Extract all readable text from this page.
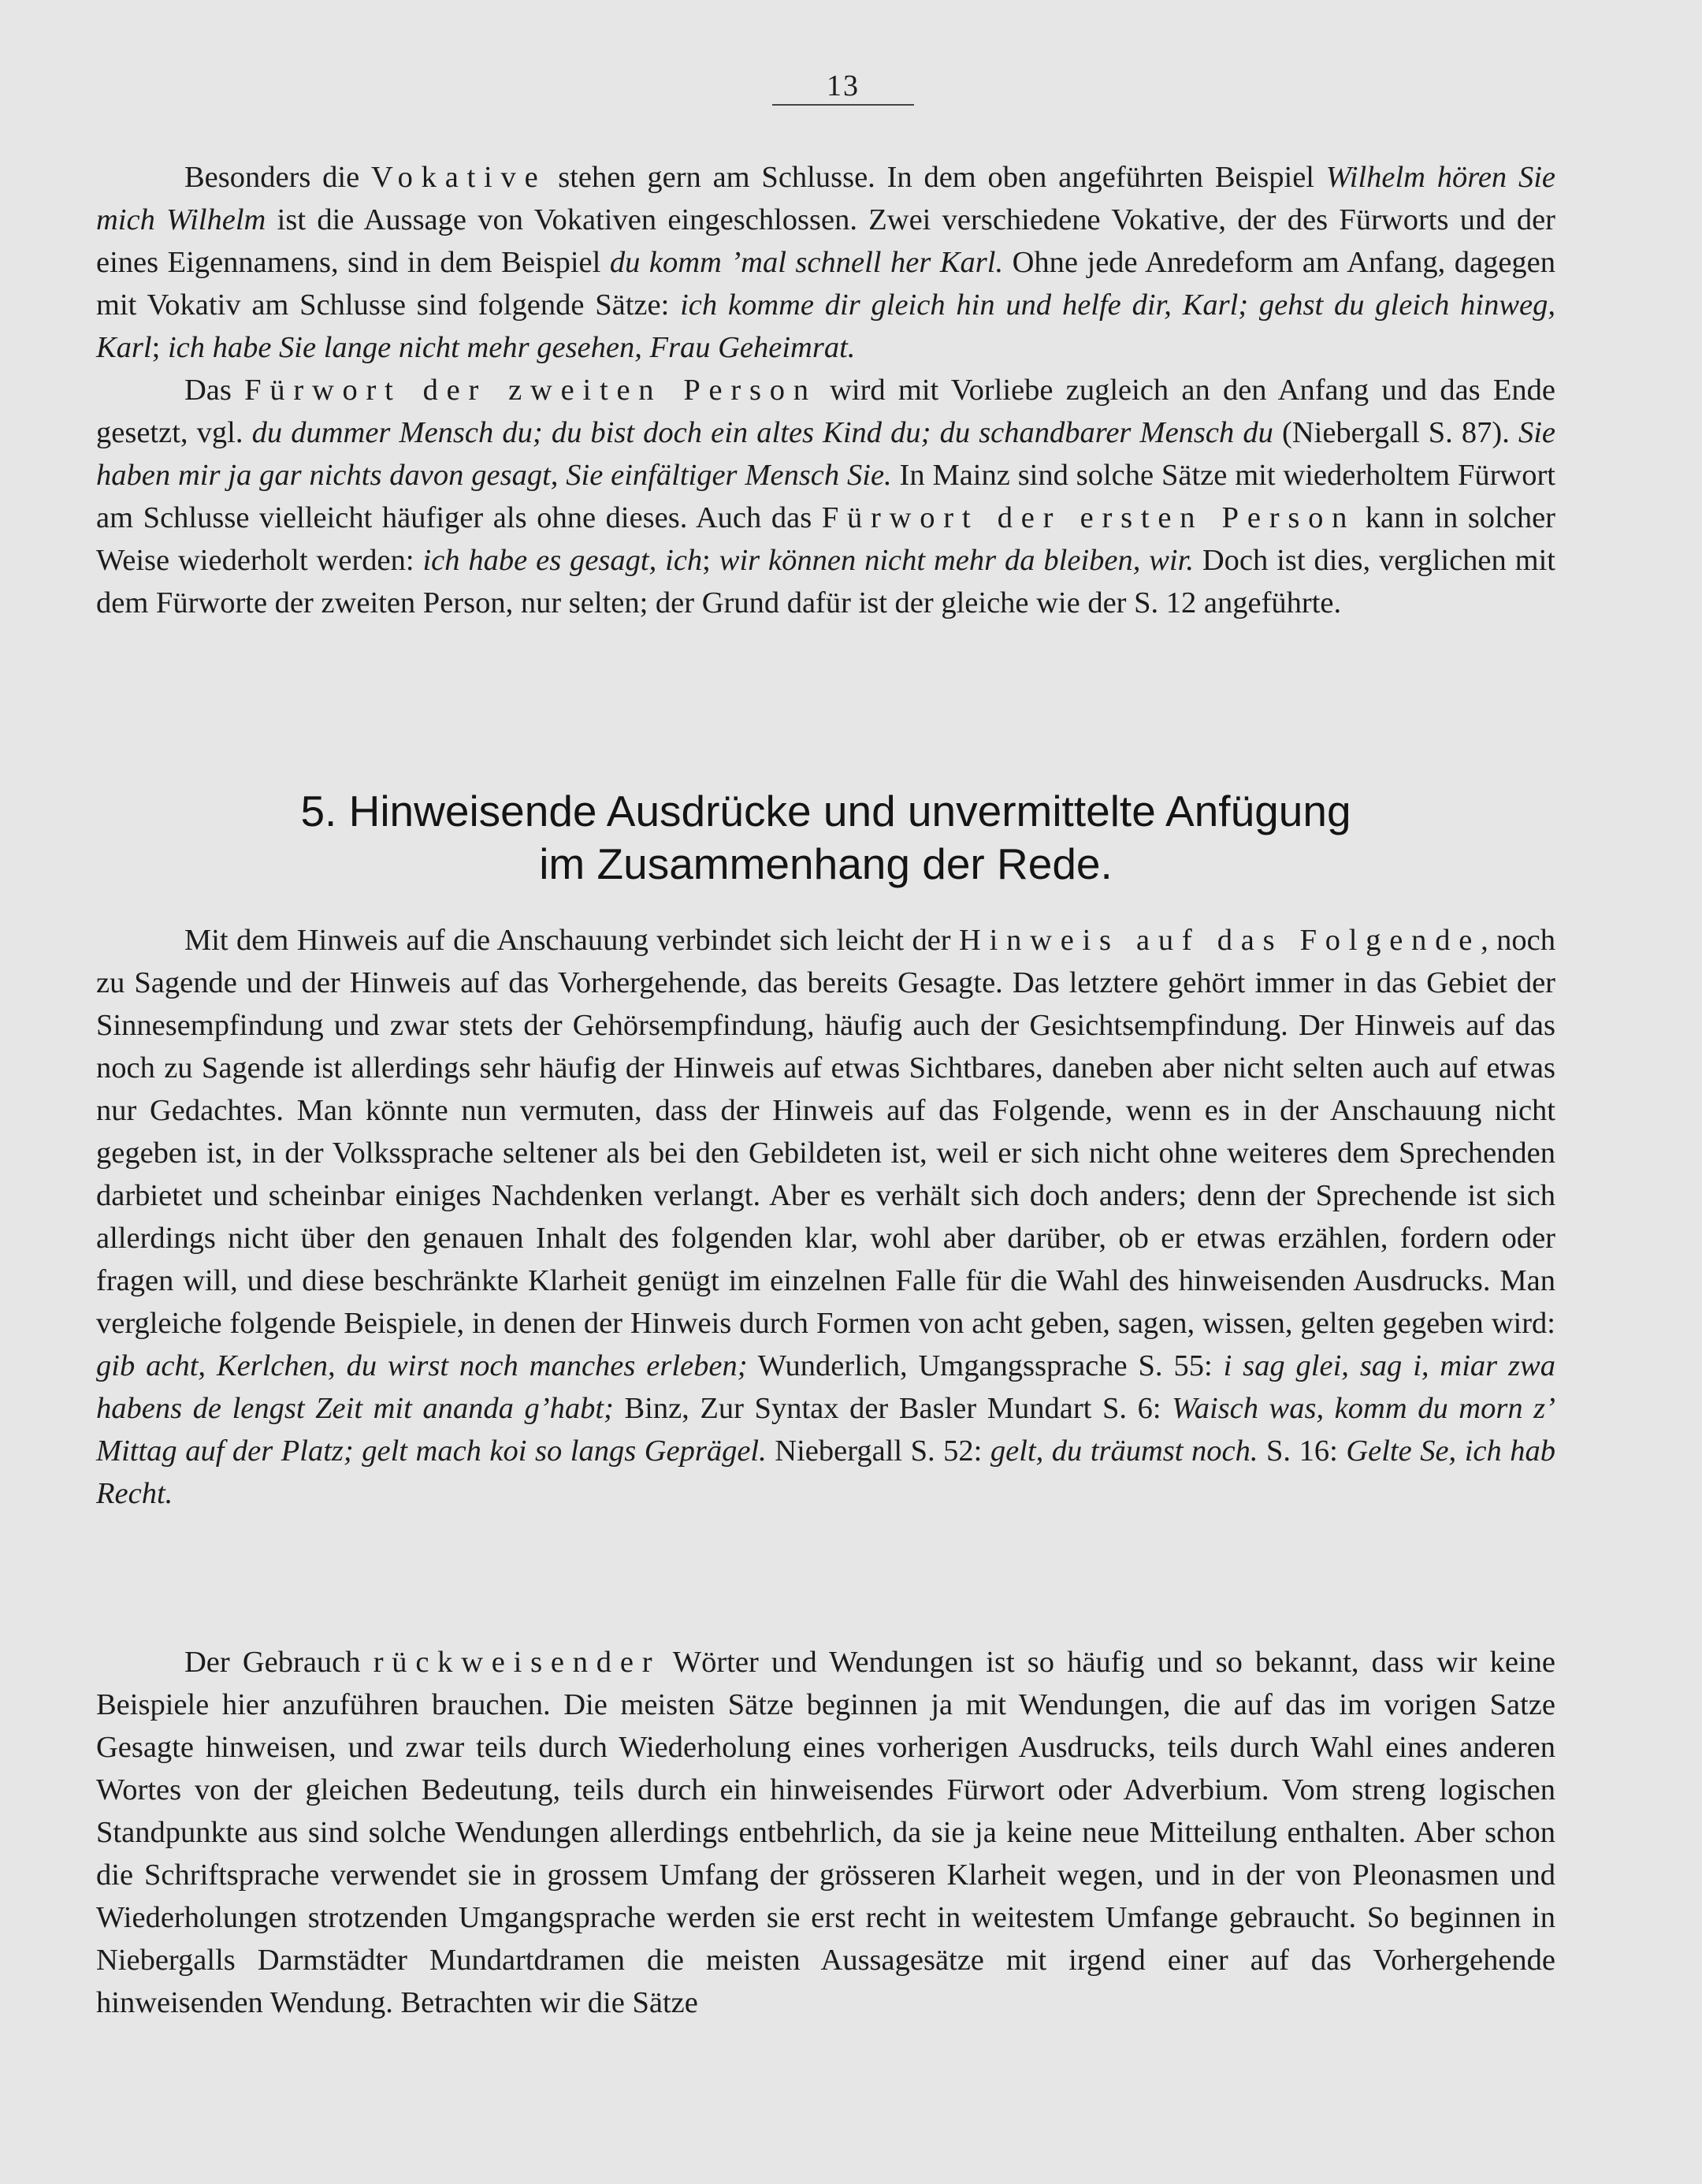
13

Besonders die Vokative stehen gern am Schlusse. In dem oben angeführten Beispiel Wilhelm hören Sie mich Wilhelm ist die Aussage von Vokativen eingeschlossen. Zwei verschiedene Vokative, der des Fürworts und der eines Eigennamens, sind in dem Beispiel du komm ’mal schnell her Karl. Ohne jede Anredeform am Anfang, dagegen mit Vokativ am Schlusse sind folgende Sätze: ich komme dir gleich hin und helfe dir, Karl; gehst du gleich hinweg, Karl; ich habe Sie lange nicht mehr gesehen, Frau Geheimrat.

Das Fürwort der zweiten Person wird mit Vorliebe zugleich an den Anfang und das Ende gesetzt, vgl. du dummer Mensch du; du bist doch ein altes Kind du; du schandbarer Mensch du (Niebergall S. 87). Sie haben mir ja gar nichts davon gesagt, Sie einfältiger Mensch Sie. In Mainz sind solche Sätze mit wiederholtem Fürwort am Schlusse vielleicht häufiger als ohne dieses. Auch das Fürwort der ersten Person kann in solcher Weise wiederholt werden: ich habe es gesagt, ich; wir können nicht mehr da bleiben, wir. Doch ist dies, verglichen mit dem Fürworte der zweiten Person, nur selten; der Grund dafür ist der gleiche wie der S. 12 angeführte.

5. Hinweisende Ausdrücke und unvermittelte Anfügung
im Zusammenhang der Rede.

Mit dem Hinweis auf die Anschauung verbindet sich leicht der Hinweis auf das Folgende, noch zu Sagende und der Hinweis auf das Vorhergehende, das bereits Gesagte. Das letztere gehört immer in das Gebiet der Sinnesempfindung und zwar stets der Gehörsempfindung, häufig auch der Gesichtsempfindung. Der Hinweis auf das noch zu Sagende ist allerdings sehr häufig der Hinweis auf etwas Sichtbares, daneben aber nicht selten auch auf etwas nur Gedachtes. Man könnte nun vermuten, dass der Hinweis auf das Folgende, wenn es in der Anschauung nicht gegeben ist, in der Volkssprache seltener als bei den Gebildeten ist, weil er sich nicht ohne weiteres dem Sprechenden darbietet und scheinbar einiges Nachdenken verlangt. Aber es verhält sich doch anders; denn der Sprechende ist sich allerdings nicht über den genauen Inhalt des folgenden klar, wohl aber darüber, ob er etwas erzählen, fordern oder fragen will, und diese beschränkte Klarheit genügt im einzelnen Falle für die Wahl des hinweisenden Ausdrucks. Man vergleiche folgende Beispiele, in denen der Hinweis durch Formen von acht geben, sagen, wissen, gelten gegeben wird: gib acht, Kerlchen, du wirst noch manches erleben; Wunderlich, Umgangssprache S. 55: i sag glei, sag i, miar zwa habens de lengst Zeit mit ananda g’habt; Binz, Zur Syntax der Basler Mundart S. 6: Waisch was, komm du morn z’ Mittag auf der Platz; gelt mach koi so langs Geprägel. Niebergall S. 52: gelt, du träumst noch. S. 16: Gelte Se, ich hab Recht.

Der Gebrauch rückweisender Wörter und Wendungen ist so häufig und so bekannt, dass wir keine Beispiele hier anzuführen brauchen. Die meisten Sätze beginnen ja mit Wendungen, die auf das im vorigen Satze Gesagte hinweisen, und zwar teils durch Wiederholung eines vorherigen Ausdrucks, teils durch Wahl eines anderen Wortes von der gleichen Bedeutung, teils durch ein hinweisendes Fürwort oder Adverbium. Vom streng logischen Standpunkte aus sind solche Wendungen allerdings entbehrlich, da sie ja keine neue Mitteilung enthalten. Aber schon die Schriftsprache verwendet sie in grossem Umfang der grösseren Klarheit wegen, und in der von Pleonasmen und Wiederholungen strotzenden Umgangsprache werden sie erst recht in weitestem Umfange gebraucht. So beginnen in Niebergalls Darmstädter Mundartdramen die meisten Aussagesätze mit irgend einer auf das Vorhergehende hinweisenden Wendung. Betrachten wir die Sätze
